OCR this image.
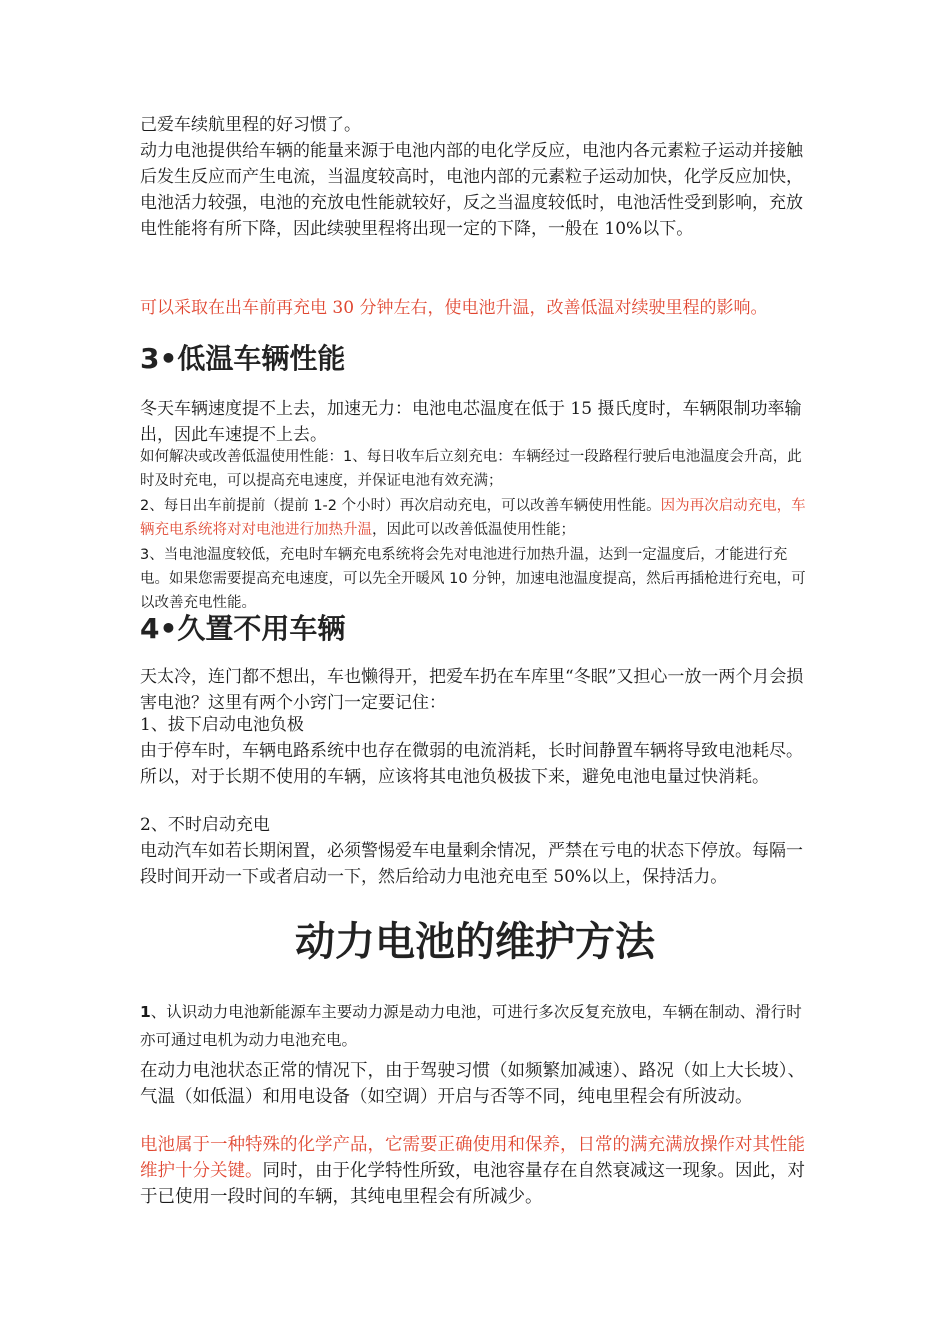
己爱车续航里程的好习惯了。

动力电池提供给车辆的能量来源于电池内部的电化学反应，电池内各元素粒子运动并接触后发生反应而产生电流，当温度较高时，电池内部的元素粒子运动加快，化学反应加快，电池活力较强，电池的充放电性能就较好，反之当温度较低时，电池活性受到影响，充放电性能将有所下降，因此续驶里程将出现一定的下降，一般在 10%以下。

可以采取在出车前再充电 30 分钟左右，使电池升温，改善低温对续驶里程的影响。

3•低温车辆性能

冬天车辆速度提不上去，加速无力：电池电芯温度在低于 15 摄氏度时，车辆限制功率输出，因此车速提不上去。

如何解决或改善低温使用性能：1、每日收车后立刻充电：车辆经过一段路程行驶后电池温度会升高，此时及时充电，可以提高充电速度，并保证电池有效充满；

2、每日出车前提前（提前 1-2 个小时）再次启动充电，可以改善车辆使用性能。因为再次启动充电，车辆充电系统将对对电池进行加热升温，因此可以改善低温使用性能；

3、当电池温度较低，充电时车辆充电系统将会先对电池进行加热升温，达到一定温度后，才能进行充电。如果您需要提高充电速度，可以先全开暖风 10 分钟，加速电池温度提高，然后再插枪进行充电，可以改善充电性能。

4•久置不用车辆

天太冷，连门都不想出，车也懒得开，把爱车扔在车库里“冬眠”又担心一放一两个月会损害电池？这里有两个小窍门一定要记住：

1、拔下启动电池负极

由于停车时，车辆电路系统中也存在微弱的电流消耗，长时间静置车辆将导致电池耗尽。所以，对于长期不使用的车辆，应该将其电池负极拔下来，避免电池电量过快消耗。

2、不时启动充电

电动汽车如若长期闲置，必须警惕爱车电量剩余情况，严禁在亏电的状态下停放。每隔一段时间开动一下或者启动一下，然后给动力电池充电至 50%以上，保持活力。

动力电池的维护方法

1、认识动力电池新能源车主要动力源是动力电池，可进行多次反复充放电，车辆在制动、滑行时亦可通过电机为动力电池充电。

在动力电池状态正常的情况下，由于驾驶习惯（如频繁加减速）、路况（如上大长坡）、气温（如低温）和用电设备（如空调）开启与否等不同，纯电里程会有所波动。

电池属于一种特殊的化学产品，它需要正确使用和保养，日常的满充满放操作对其性能维护十分关键。同时，由于化学特性所致，电池容量存在自然衰减这一现象。因此，对于已使用一段时间的车辆，其纯电里程会有所减少。
